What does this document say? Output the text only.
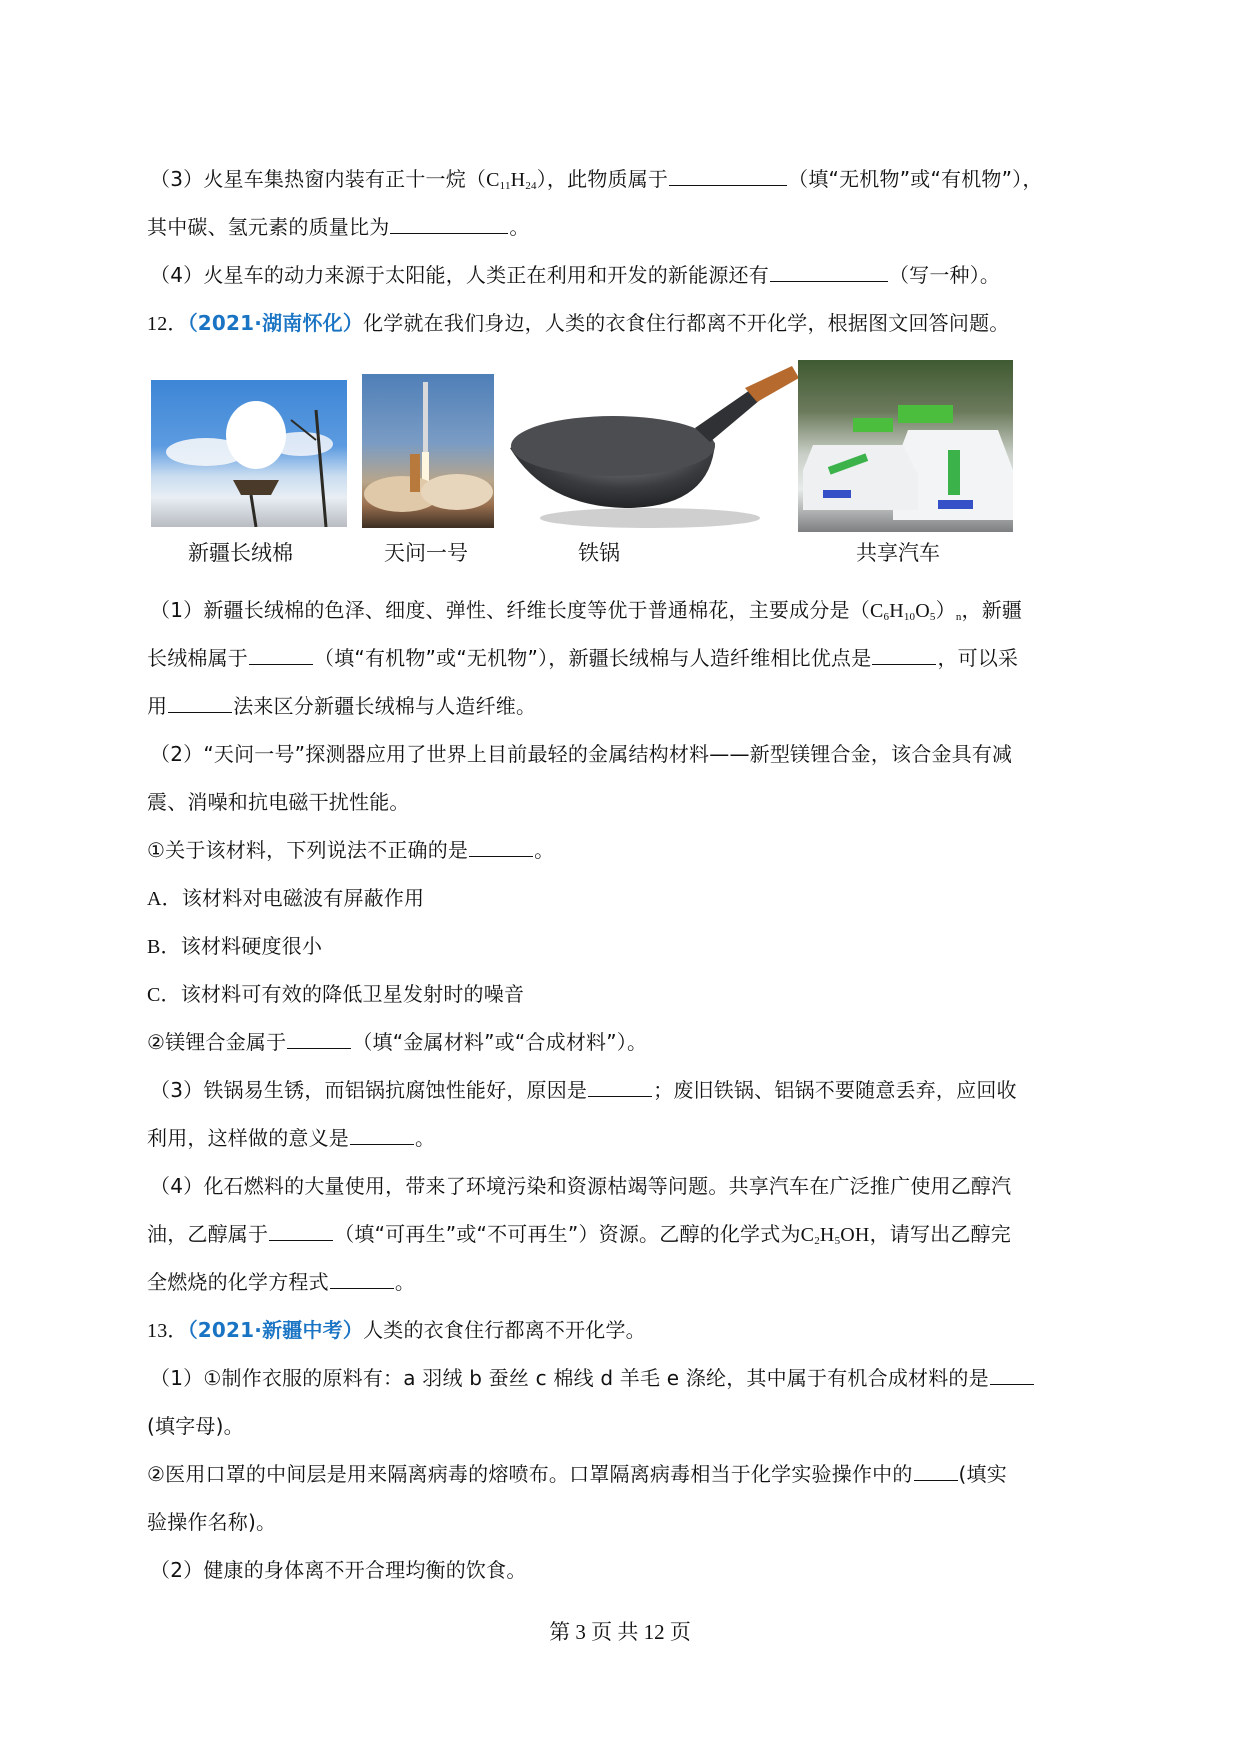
（3）火星车集热窗内装有正十一烷$(C_{11}H_{24})$，此物质属于	（填“无机物”或“有机物”），
其中碳、氢元素的质量比为	。
（4）火星车的动力来源于太阳能，人类正在利用和开发的新能源还有	（写一种）。
12．（2021·湖南怀化）化学就在我们身边，人类的衣食住行都离不开化学，根据图文回答问题。
新疆长绒棉	天问一号	铁锅	共享汽车
（1）新疆长绒棉的色泽、细度、弹性、纤维长度等优于普通棉花，主要成分是$(C_6H_{10}O_5)_n$，新疆
长绒棉属于	（填“有机物”或“无机物”），新疆长绒棉与人造纤维相比优点是	，可以采
用	法来区分新疆长绒棉与人造纤维。
（2）“天问一号”探测器应用了世界上目前最轻的金属结构材料——新型镁锂合金，该合金具有减
震、消噪和抗电磁干扰性能。
①关于该材料，下列说法不正确的是	。
A．该材料对电磁波有屏蔽作用
B．该材料硬度很小
C．该材料可有效的降低卫星发射时的噪音
②镁锂合金属于	（填“金属材料”或“合成材料”）。
（3）铁锅易生锈，而铝锅抗腐蚀性能好，原因是	；废旧铁锅、铝锅不要随意丢弃，应回收
利用，这样做的意义是	。
（4）化石燃料的大量使用，带来了环境污染和资源枯竭等问题。共享汽车在广泛推广使用乙醇汽
油，乙醇属于	（填“可再生”或“不可再生”）资源。乙醇的化学式为$C_2H_5OH$，请写出乙醇完
全燃烧的化学方程式	。
13．（2021·新疆中考）人类的衣食住行都离不开化学。
（1）①制作衣服的原料有：a 羽绒 b 蚕丝 c 棉线 d 羊毛 e 涤纶，其中属于有机合成材料的是
(填字母)。
②医用口罩的中间层是用来隔离病毒的熔喷布。口罩隔离病毒相当于化学实验操作中的 (填实
验操作名称)。
（2）健康的身体离不开合理均衡的饮食。
第 3 页 共 12 页
